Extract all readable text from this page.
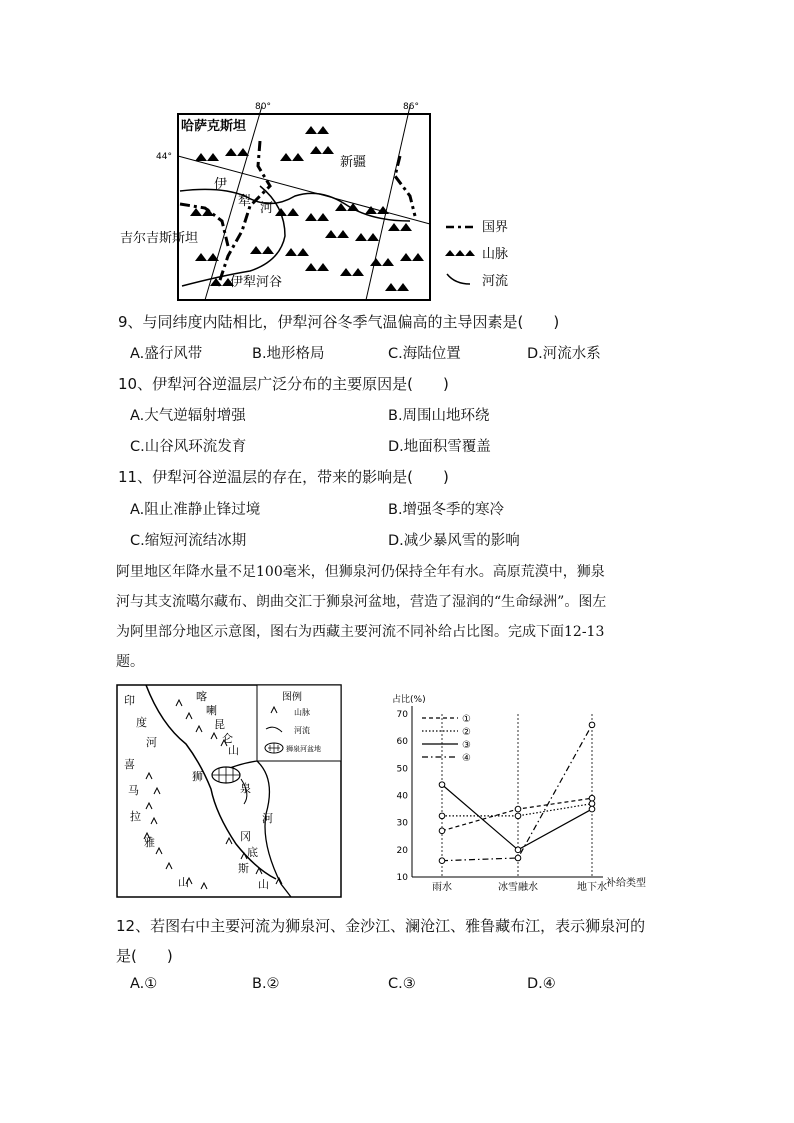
80°	86°
44°
哈萨克斯坦
新疆
伊
犁 河
吉尔吉斯斯坦
伊犁河谷
国界
山脉
河流
9、与同纬度内陆相比，伊犁河谷冬季气温偏高的主导因素是(　　)
A.盛行风带	B.地形格局	C.海陆位置	D.河流水系
10、伊犁河谷逆温层广泛分布的主要原因是(　　)
A.大气逆辐射增强	B.周围山地环绕
C.山谷风环流发育	D.地面积雪覆盖
11、伊犁河谷逆温层的存在，带来的影响是(　　)
A.阻止准静止锋过境	B.增强冬季的寒冷
C.缩短河流结冰期	D.减少暴风雪的影响
阿里地区年降水量不足100毫米，但狮泉河仍保持全年有水。高原荒漠中，狮泉
河与其支流噶尔藏布、朗曲交汇于狮泉河盆地，营造了湿润的“生命绿洲”。图左
为阿里部分地区示意图，图右为西藏主要河流不同补给占比图。完成下面12-13
题。
图例
山脉
河流
狮泉河盆地
印
度
河
喀
喇
昆
仑
山
喜
马
拉
雅
山
狮
泉
河
冈
底
斯
山	10
20
30
40
50
60
70
雨水	冰雪融水	地下水
①
②
③
④
占比(%)
补给类型
12、若图右中主要河流为狮泉河、金沙江、澜沧江、雅鲁藏布江，表示狮泉河的
是(　　)
A.①	B.②	C.③	D.④
